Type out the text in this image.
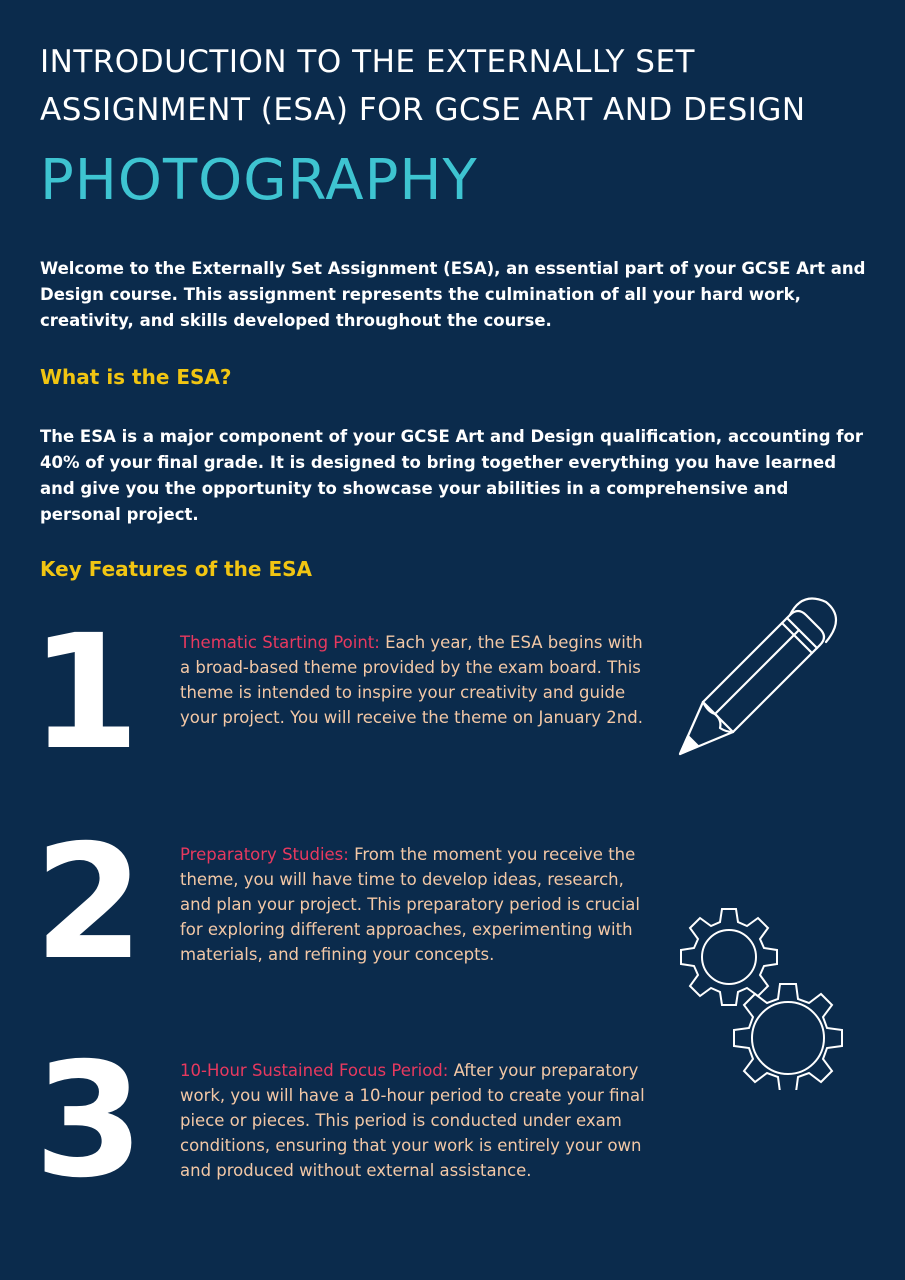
INTRODUCTION TO THE EXTERNALLY SET
ASSIGNMENT (ESA) FOR GCSE ART AND DESIGN
PHOTOGRAPHY

Welcome to the Externally Set Assignment (ESA), an essential part of your GCSE Art and Design course. This assignment represents the culmination of all your hard work, creativity, and skills developed throughout the course.

What is the ESA?

The ESA is a major component of your GCSE Art and Design qualification, accounting for 40% of your final grade. It is designed to bring together everything you have learned and give you the opportunity to showcase your abilities in a comprehensive and personal project.

Key Features of the ESA
1 Thematic Starting Point: Each year, the ESA begins with a broad-based theme provided by the exam board. This theme is intended to inspire your creativity and guide your project. You will receive the theme on January 2nd.

2 Preparatory Studies: From the moment you receive the theme, you will have time to develop ideas, research, and plan your project. This preparatory period is crucial for exploring different approaches, experimenting with materials, and refining your concepts.

3 10-Hour Sustained Focus Period: After your preparatory work, you will have a 10-hour period to create your final piece or pieces. This period is conducted under exam conditions, ensuring that your work is entirely your own and produced without external assistance.
